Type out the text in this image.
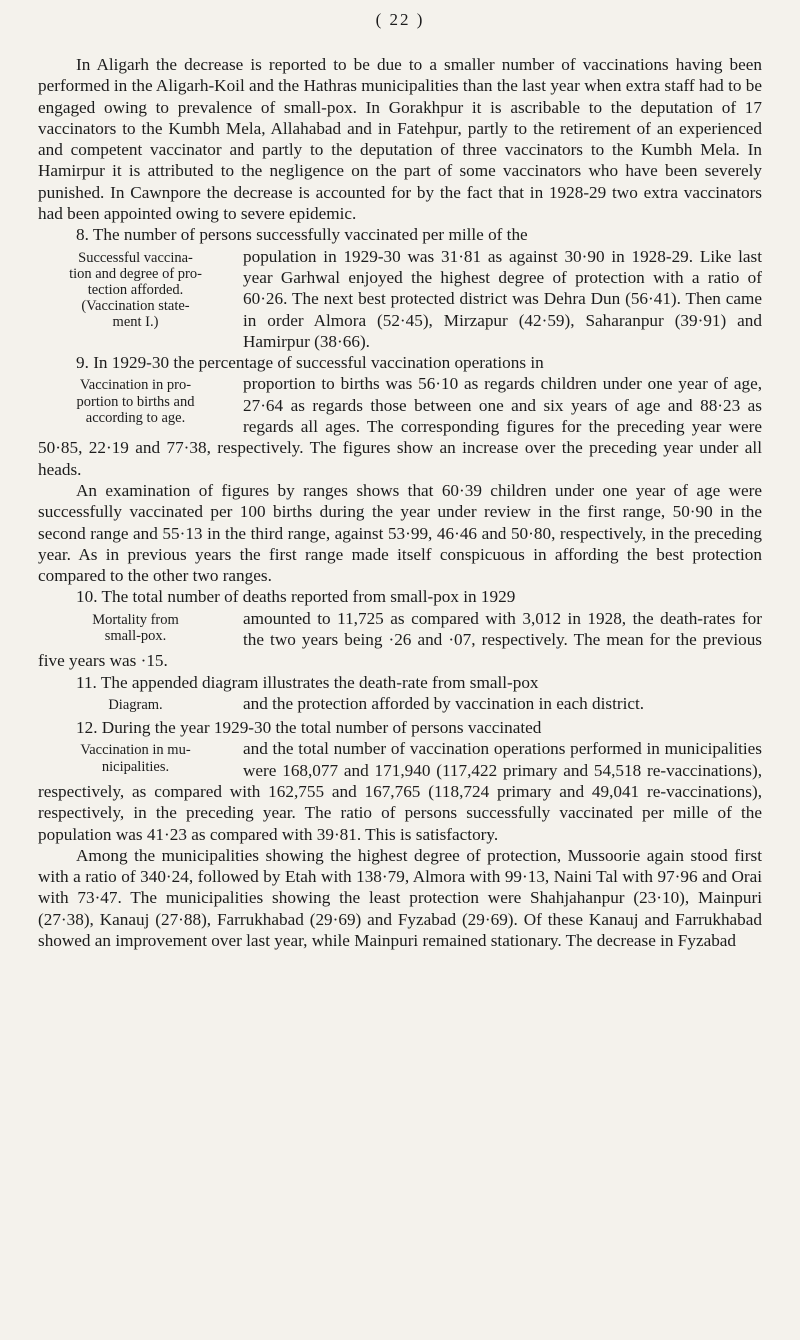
( 22 )

In Aligarh the decrease is reported to be due to a smaller number of vaccinations having been performed in the Aligarh-Koil and the Hathras municipalities than the last year when extra staff had to be engaged owing to prevalence of small-pox. In Gorakhpur it is ascribable to the deputation of 17 vaccinators to the Kumbh Mela, Allahabad and in Fatehpur, partly to the retirement of an experienced and competent vaccinator and partly to the deputation of three vaccinators to the Kumbh Mela. In Hamirpur it is attributed to the negligence on the part of some vaccinators who have been severely punished. In Cawnpore the decrease is accounted for by the fact that in 1928-29 two extra vaccinators had been appointed owing to severe epidemic.

8. The number of persons successfully vaccinated per mille of the

Successful vaccina-
tion and degree of pro-
tection afforded.
(Vaccination state-
ment I.)

population in 1929-30 was 31·81 as against 30·90 in 1928-29. Like last year Garhwal enjoyed the highest degree of protection with a ratio of 60·26. The next best protected district was Dehra Dun (56·41). Then came in order Almora (52·45), Mirzapur (42·59), Saharanpur (39·91) and Hamirpur (38·66).

9. In 1929-30 the percentage of successful vaccination operations in

Vaccination in pro-
portion to births and
according to age.

proportion to births was 56·10 as regards children under one year of age, 27·64 as regards those between one and six years of age and 88·23 as regards all ages. The corresponding figures for the preceding year were 50·85, 22·19 and 77·38, respectively. The figures show an increase over the preceding year under all heads.

An examination of figures by ranges shows that 60·39 children under one year of age were successfully vaccinated per 100 births during the year under review in the first range, 50·90 in the second range and 55·13 in the third range, against 53·99, 46·46 and 50·80, respectively, in the preceding year. As in previous years the first range made itself conspicuous in affording the best protection compared to the other two ranges.

10. The total number of deaths reported from small-pox in 1929

Mortality from
small-pox.

amounted to 11,725 as compared with 3,012 in 1928, the death-rates for the two years being ·26 and ·07, respectively. The mean for the previous five years was ·15.

11. The appended diagram illustrates the death-rate from small-pox

Diagram.	and the protection afforded by vaccination in each district.

12. During the year 1929-30 the total number of persons vaccinated

Vaccination in mu-
nicipalities.

and the total number of vaccination operations performed in municipalities were 168,077 and 171,940 (117,422 primary and 54,518 re-vaccinations), respectively, as compared with 162,755 and 167,765 (118,724 primary and 49,041 re-vaccinations), respectively, in the preceding year. The ratio of persons successfully vaccinated per mille of the population was 41·23 as compared with 39·81. This is satisfactory.

Among the municipalities showing the highest degree of protection, Mussoorie again stood first with a ratio of 340·24, followed by Etah with 138·79, Almora with 99·13, Naini Tal with 97·96 and Orai with 73·47. The municipalities showing the least protection were Shahjahanpur (23·10), Mainpuri (27·38), Kanauj (27·88), Farrukhabad (29·69) and Fyzabad (29·69). Of these Kanauj and Farrukhabad showed an improvement over last year, while Mainpuri remained stationary. The decrease in Fyzabad
